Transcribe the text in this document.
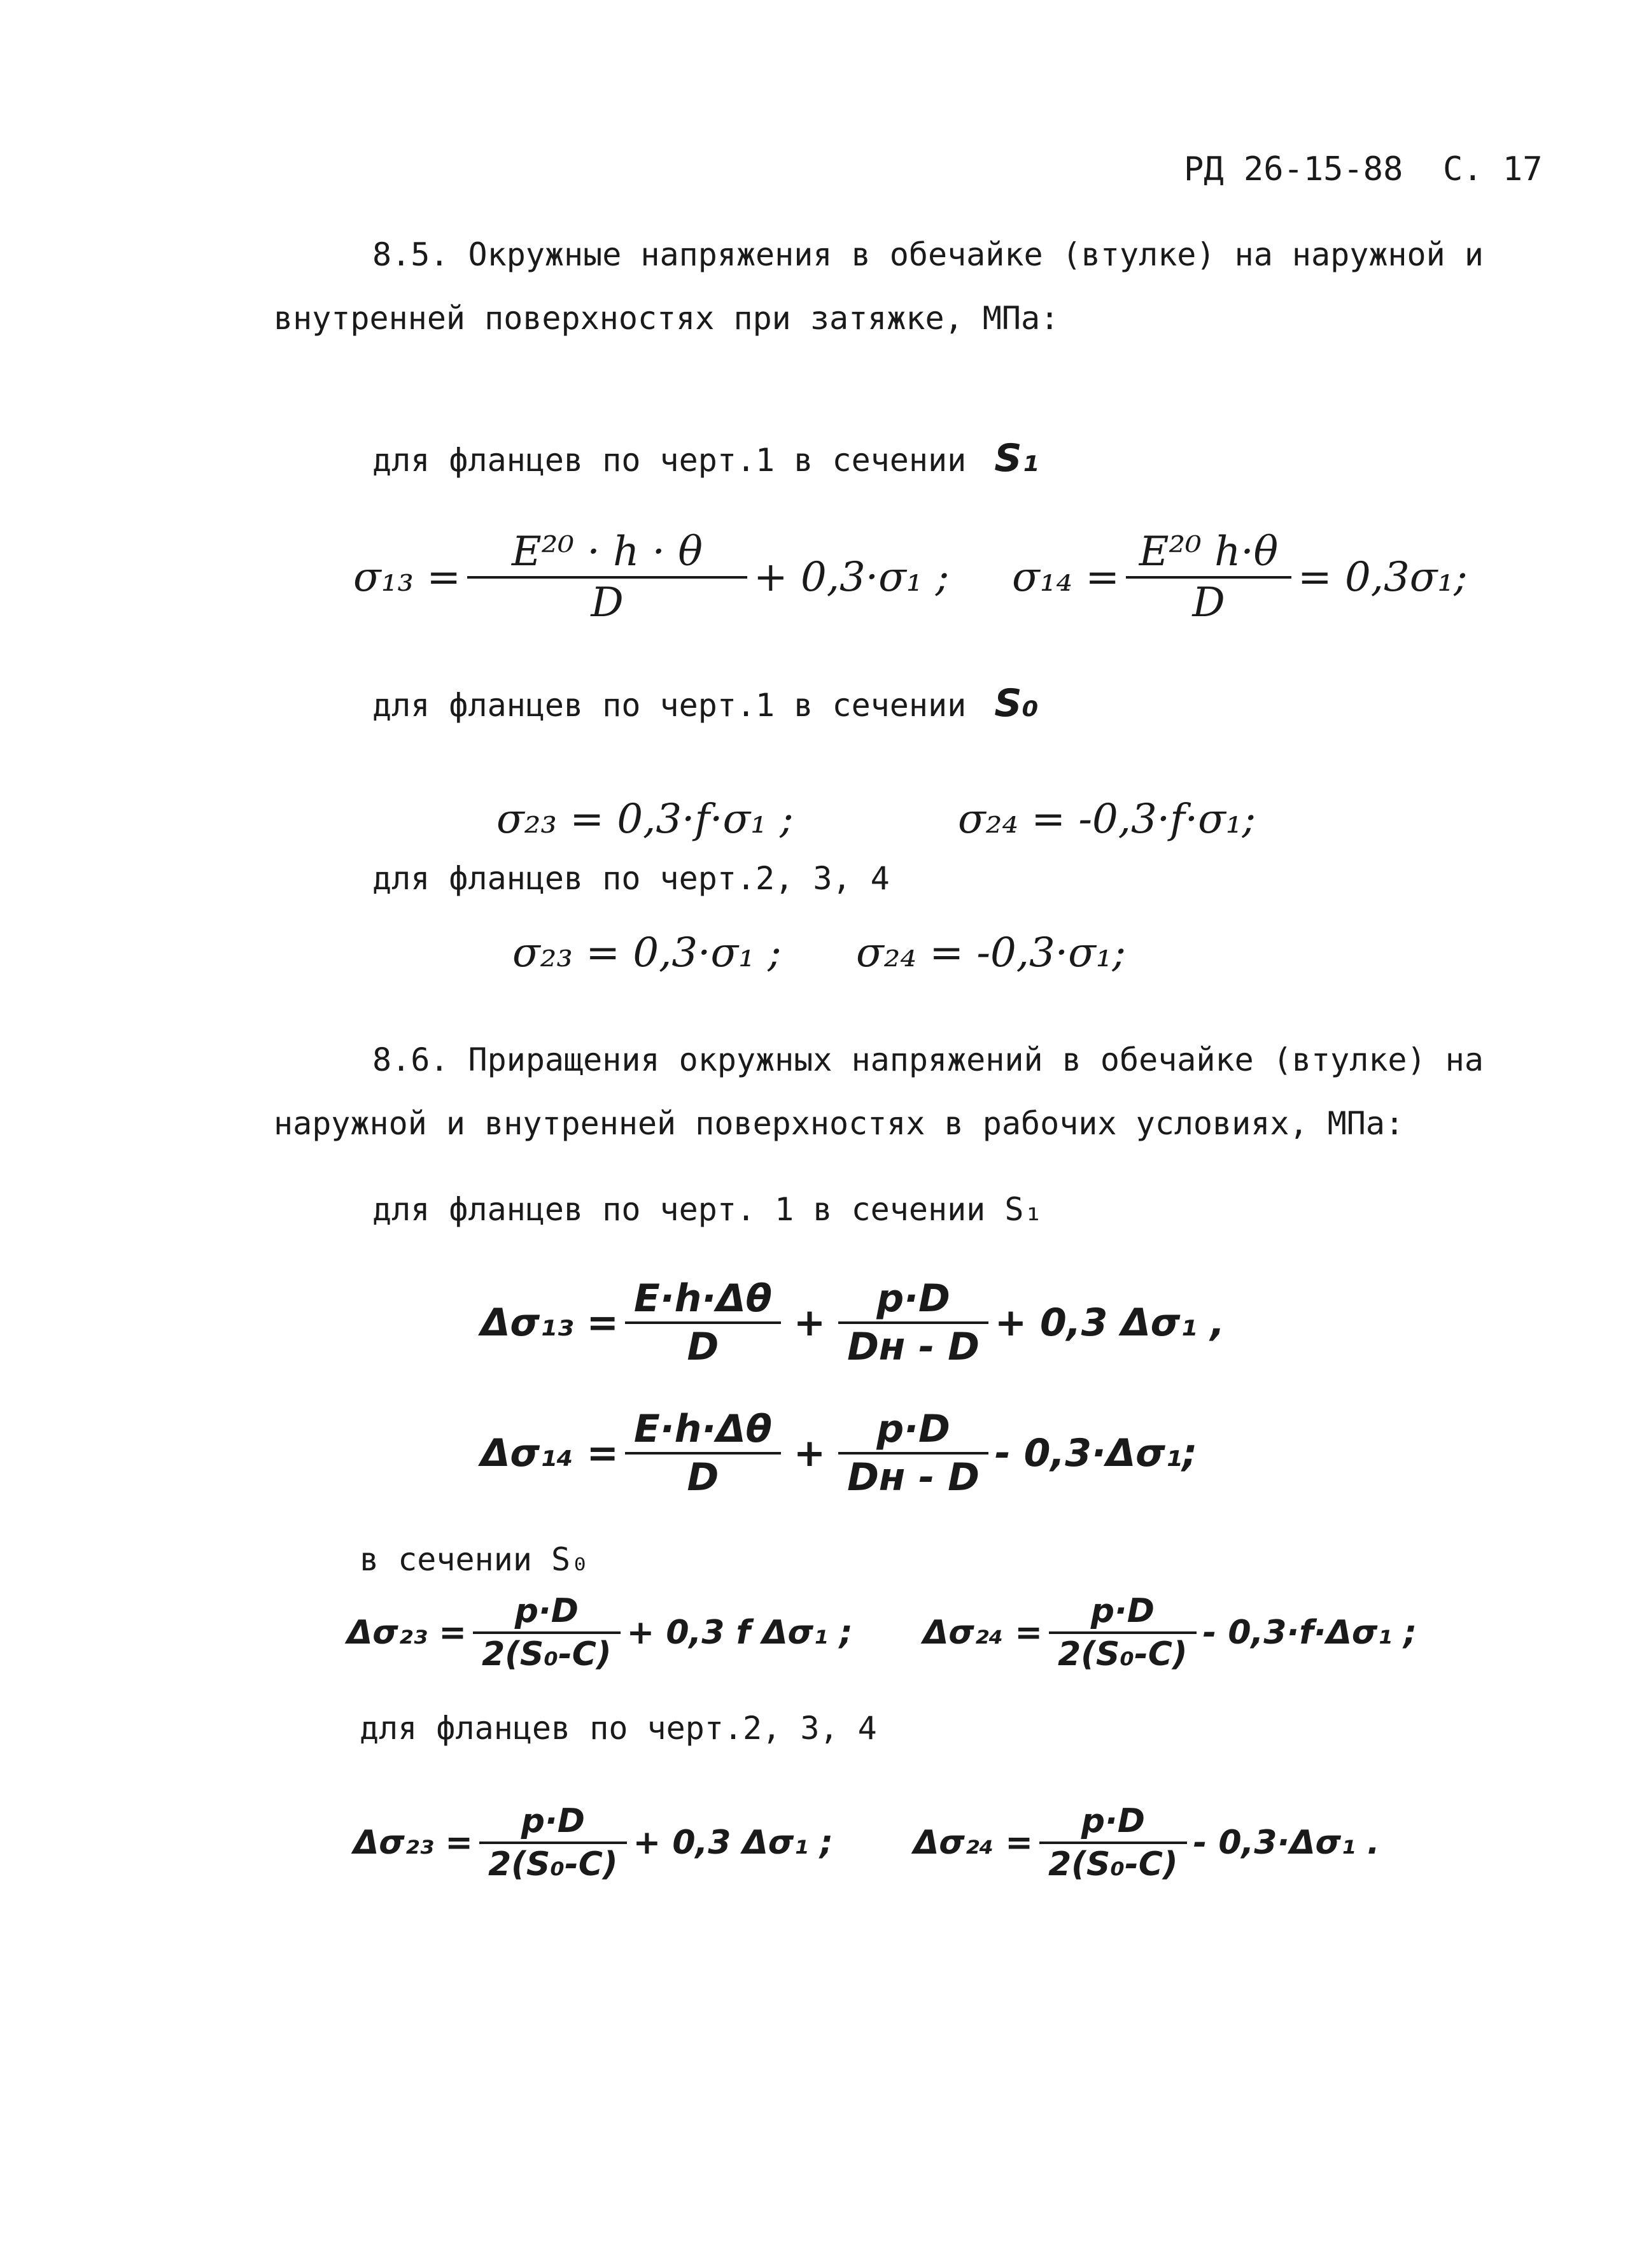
РД 26-15-88 С. 17
8.5. Окружные напряжения в обечайке (втулке) на наружной и
внутренней поверхностях при затяжке, МПа:
для фланцев по черт.1 в сечении S₁
$\sigma_{13} = \frac{\text{E²⁰ · h · θ}}{D} + 0,3\cdot\sigma_1$ ; $\sigma_{14} = \frac{\text{E²⁰ h·θ}}{D} = 0,3\sigma_1$;
для фланцев по черт.1 в сечении S₀
σ₂₃ = 0,3·f·σ₁ ;	σ₂₄ = -0,3·f·σ₁;
для фланцев по черт.2, 3, 4
σ₂₃ = 0,3·σ₁ ; σ₂₄ = -0,3·σ₁;
8.6. Приращения окружных напряжений в обечайке (втулке) на
наружной и внутренней поверхностях в рабочих условиях, МПа:
для фланцев по черт. 1 в сечении S₁
$\Delta\sigma_{13} = \frac{E\cdot h\cdot\Delta\theta}{D} + \frac{p\cdot D}{Dн - D} + 0,3$ Δσ₁ ,
$\Delta\sigma_{14} = \frac{E\cdot h\cdot\Delta\theta}{D} + \frac{p\cdot D}{Dн - D} - 0,3\cdot\Delta\sigma_1$;
в сечении S₀
$\Delta\sigma_{23} = \frac{p\cdot D}{\text{2(S₀-C)}} + 0,3$ f Δσ₁ ; $\Delta\sigma_{24} = \frac{p\cdot D}{\text{2(S₀-C)}} - 0,3\cdot f\cdot\Delta\sigma_1$ ;
для фланцев по черт.2, 3, 4
$\Delta\sigma_{23} = \frac{p\cdot D}{\text{2(S₀-C)}} + 0,3$ Δσ₁ ; $\Delta\sigma_{24} = \frac{p\cdot D}{\text{2(S₀-C)}} - 0,3\cdot\Delta\sigma_1$ .
